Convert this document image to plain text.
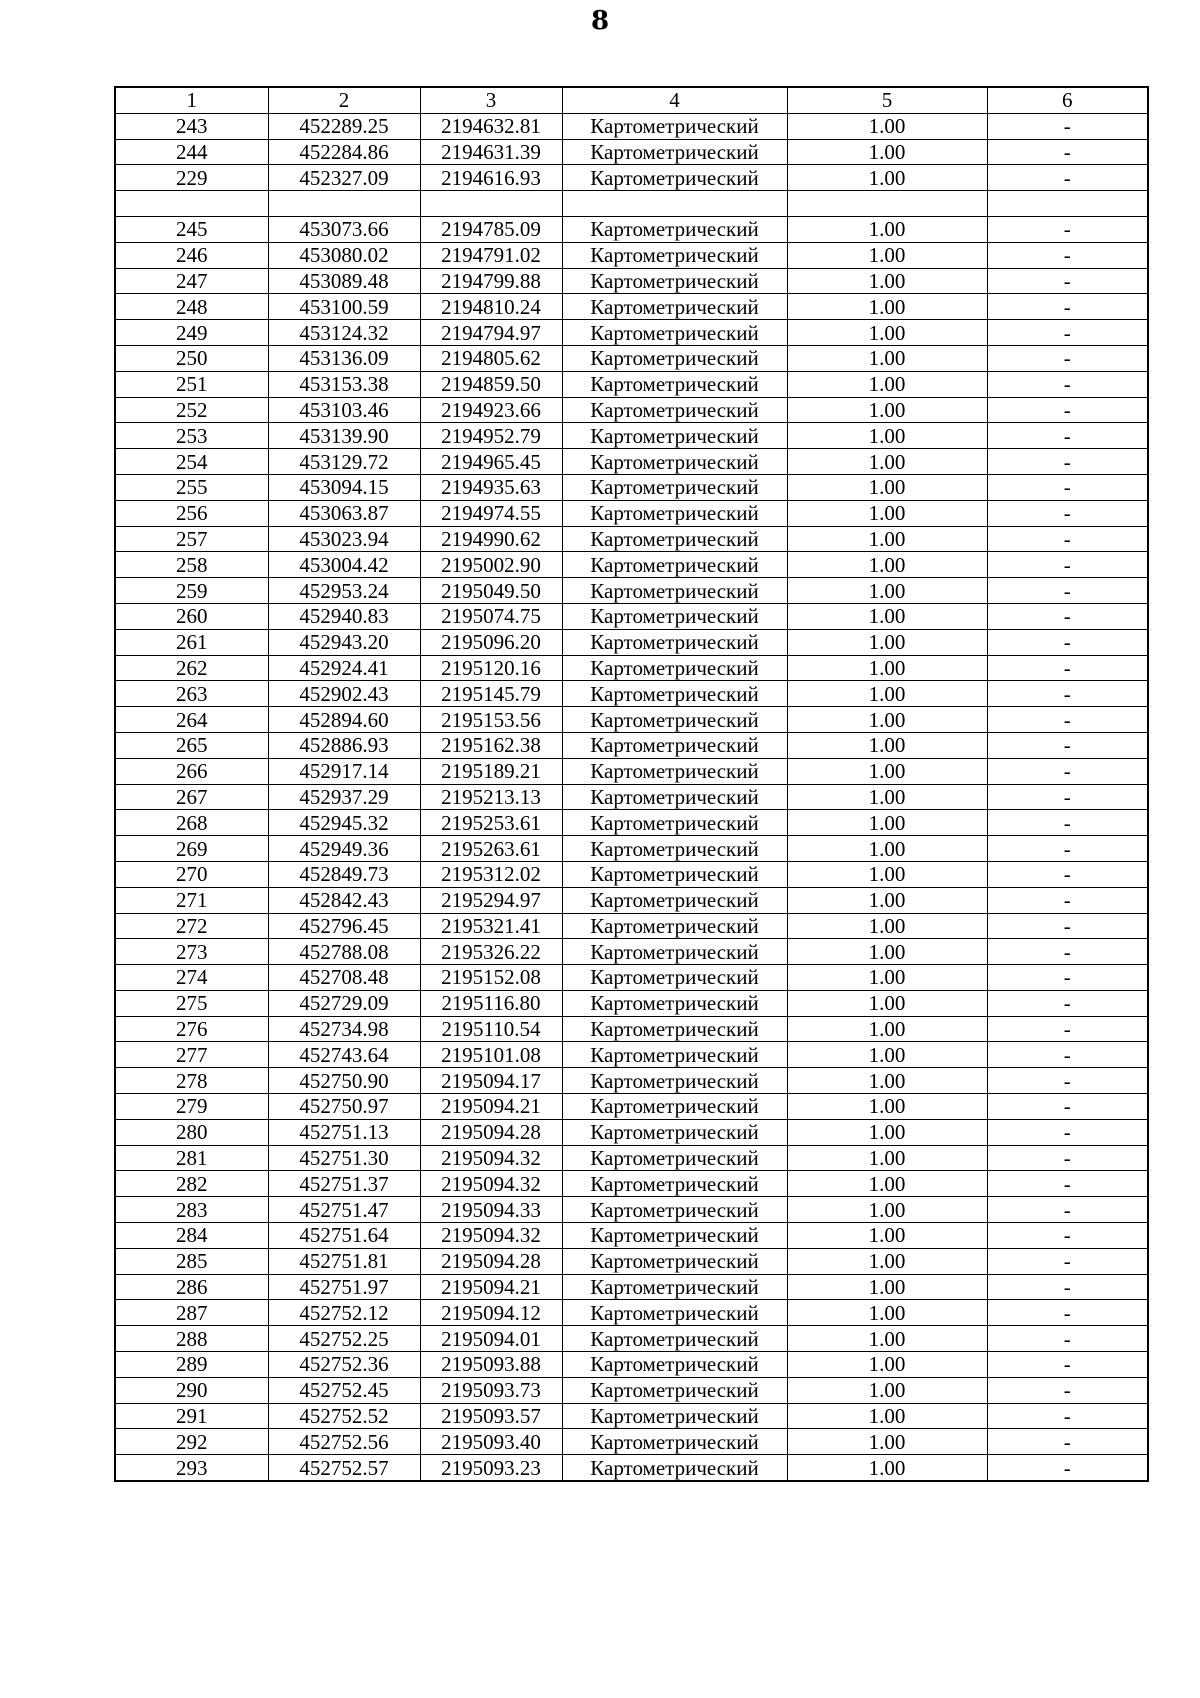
8
1	2	3	4	5	6
243	452289.25	2194632.81	Картометрический	1.00	-
244	452284.86	2194631.39	Картометрический	1.00	-
229	452327.09	2194616.93	Картометрический	1.00	-

245	453073.66	2194785.09	Картометрический	1.00	-
246	453080.02	2194791.02	Картометрический	1.00	-
247	453089.48	2194799.88	Картометрический	1.00	-
248	453100.59	2194810.24	Картометрический	1.00	-
249	453124.32	2194794.97	Картометрический	1.00	-
250	453136.09	2194805.62	Картометрический	1.00	-
251	453153.38	2194859.50	Картометрический	1.00	-
252	453103.46	2194923.66	Картометрический	1.00	-
253	453139.90	2194952.79	Картометрический	1.00	-
254	453129.72	2194965.45	Картометрический	1.00	-
255	453094.15	2194935.63	Картометрический	1.00	-
256	453063.87	2194974.55	Картометрический	1.00	-
257	453023.94	2194990.62	Картометрический	1.00	-
258	453004.42	2195002.90	Картометрический	1.00	-
259	452953.24	2195049.50	Картометрический	1.00	-
260	452940.83	2195074.75	Картометрический	1.00	-
261	452943.20	2195096.20	Картометрический	1.00	-
262	452924.41	2195120.16	Картометрический	1.00	-
263	452902.43	2195145.79	Картометрический	1.00	-
264	452894.60	2195153.56	Картометрический	1.00	-
265	452886.93	2195162.38	Картометрический	1.00	-
266	452917.14	2195189.21	Картометрический	1.00	-
267	452937.29	2195213.13	Картометрический	1.00	-
268	452945.32	2195253.61	Картометрический	1.00	-
269	452949.36	2195263.61	Картометрический	1.00	-
270	452849.73	2195312.02	Картометрический	1.00	-
271	452842.43	2195294.97	Картометрический	1.00	-
272	452796.45	2195321.41	Картометрический	1.00	-
273	452788.08	2195326.22	Картометрический	1.00	-
274	452708.48	2195152.08	Картометрический	1.00	-
275	452729.09	2195116.80	Картометрический	1.00	-
276	452734.98	2195110.54	Картометрический	1.00	-
277	452743.64	2195101.08	Картометрический	1.00	-
278	452750.90	2195094.17	Картометрический	1.00	-
279	452750.97	2195094.21	Картометрический	1.00	-
280	452751.13	2195094.28	Картометрический	1.00	-
281	452751.30	2195094.32	Картометрический	1.00	-
282	452751.37	2195094.32	Картометрический	1.00	-
283	452751.47	2195094.33	Картометрический	1.00	-
284	452751.64	2195094.32	Картометрический	1.00	-
285	452751.81	2195094.28	Картометрический	1.00	-
286	452751.97	2195094.21	Картометрический	1.00	-
287	452752.12	2195094.12	Картометрический	1.00	-
288	452752.25	2195094.01	Картометрический	1.00	-
289	452752.36	2195093.88	Картометрический	1.00	-
290	452752.45	2195093.73	Картометрический	1.00	-
291	452752.52	2195093.57	Картометрический	1.00	-
292	452752.56	2195093.40	Картометрический	1.00	-
293	452752.57	2195093.23	Картометрический	1.00	-
